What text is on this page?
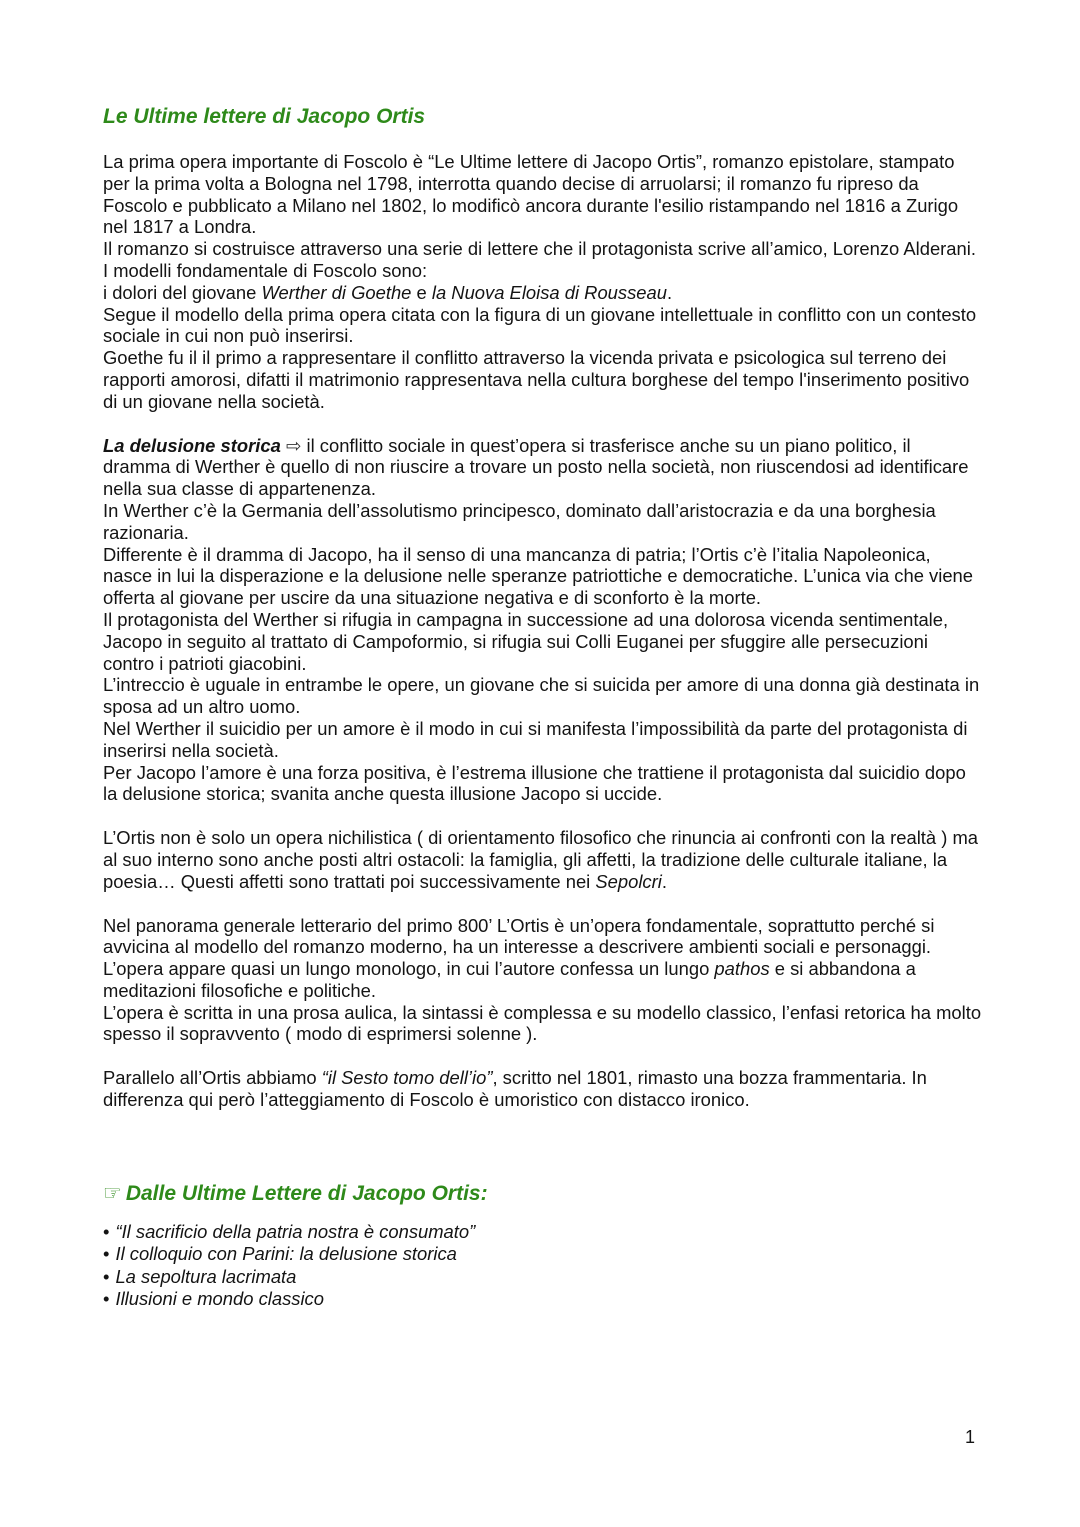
Le Ultime lettere di Jacopo Ortis

La prima opera importante di Foscolo è “Le Ultime lettere di Jacopo Ortis”, romanzo epistolare, stampato per la prima volta a Bologna nel 1798, interrotta quando decise di arruolarsi; il romanzo fu ripreso da Foscolo e pubblicato a Milano nel 1802, lo modificò ancora durante l'esilio ristampando nel 1816 a Zurigo nel 1817 a Londra.

Il romanzo si costruisce attraverso una serie di lettere che il protagonista scrive all’amico, Lorenzo Alderani.

I modelli fondamentale di Foscolo sono:

i dolori del giovane Werther di Goethe e la Nuova Eloisa di Rousseau.

Segue il modello della prima opera citata con la figura di un giovane intellettuale in conflitto con un contesto sociale in cui non può inserirsi.

Goethe fu il il primo a rappresentare il conflitto attraverso la vicenda privata e psicologica sul terreno dei rapporti amorosi, difatti il matrimonio rappresentava nella cultura borghese del tempo l'inserimento positivo di un giovane nella società.

La delusione storica ⇨ il conflitto sociale in quest’opera si trasferisce anche su un piano politico, il dramma di Werther è quello di non riuscire a trovare un posto nella società, non riuscendosi ad identificare nella sua classe di appartenenza.

In Werther c’è la Germania dell’assolutismo principesco, dominato dall’aristocrazia e da una borghesia razionaria.

Differente è il dramma di Jacopo, ha il senso di una mancanza di patria; l’Ortis c’è l’italia Napoleonica, nasce in lui la disperazione e la delusione nelle speranze patriottiche e democratiche. L’unica via che viene offerta al giovane per uscire da una situazione negativa e di sconforto è la morte.

Il protagonista del Werther si rifugia in campagna in successione ad una dolorosa vicenda sentimentale, Jacopo in seguito al trattato di Campoformio, si rifugia sui Colli Euganei per sfuggire alle persecuzioni contro i patrioti giacobini.

L’intreccio è uguale in entrambe le opere, un giovane che si suicida per amore di una donna già destinata in sposa ad un altro uomo.

Nel Werther il suicidio per un amore è il modo in cui si manifesta l’impossibilità da parte del protagonista di inserirsi nella società.

Per Jacopo l’amore è una forza positiva, è l’estrema illusione che trattiene il protagonista dal suicidio dopo la delusione storica; svanita anche questa illusione Jacopo si uccide.

L’Ortis non è solo un opera nichilistica ( di orientamento filosofico che rinuncia ai confronti con la realtà ) ma al suo interno sono anche posti altri ostacoli: la famiglia, gli affetti, la tradizione delle culturale italiane, la poesia… Questi affetti sono trattati poi successivamente nei Sepolcri.

Nel panorama generale letterario del primo 800’ L’Ortis è un’opera fondamentale, soprattutto perché si avvicina al modello del romanzo moderno, ha un interesse a descrivere ambienti sociali e personaggi.

L’opera appare quasi un lungo monologo, in cui l’autore confessa un lungo pathos e si abbandona a meditazioni filosofiche e politiche.

L’opera è scritta in una prosa aulica, la sintassi è complessa e su modello classico, l’enfasi retorica ha molto spesso il sopravvento ( modo di esprimersi solenne ).

Parallelo all’Ortis abbiamo “il Sesto tomo dell’io”, scritto nel 1801, rimasto una bozza frammentaria. In differenza qui però l’atteggiamento di Foscolo è umoristico con distacco ironico.

☞ Dalle Ultime Lettere di Jacopo Ortis:
• “Il sacrificio della patria nostra è consumato”
• Il colloquio con Parini: la delusione storica
• La sepoltura lacrimata
• Illusioni e mondo classico
1
